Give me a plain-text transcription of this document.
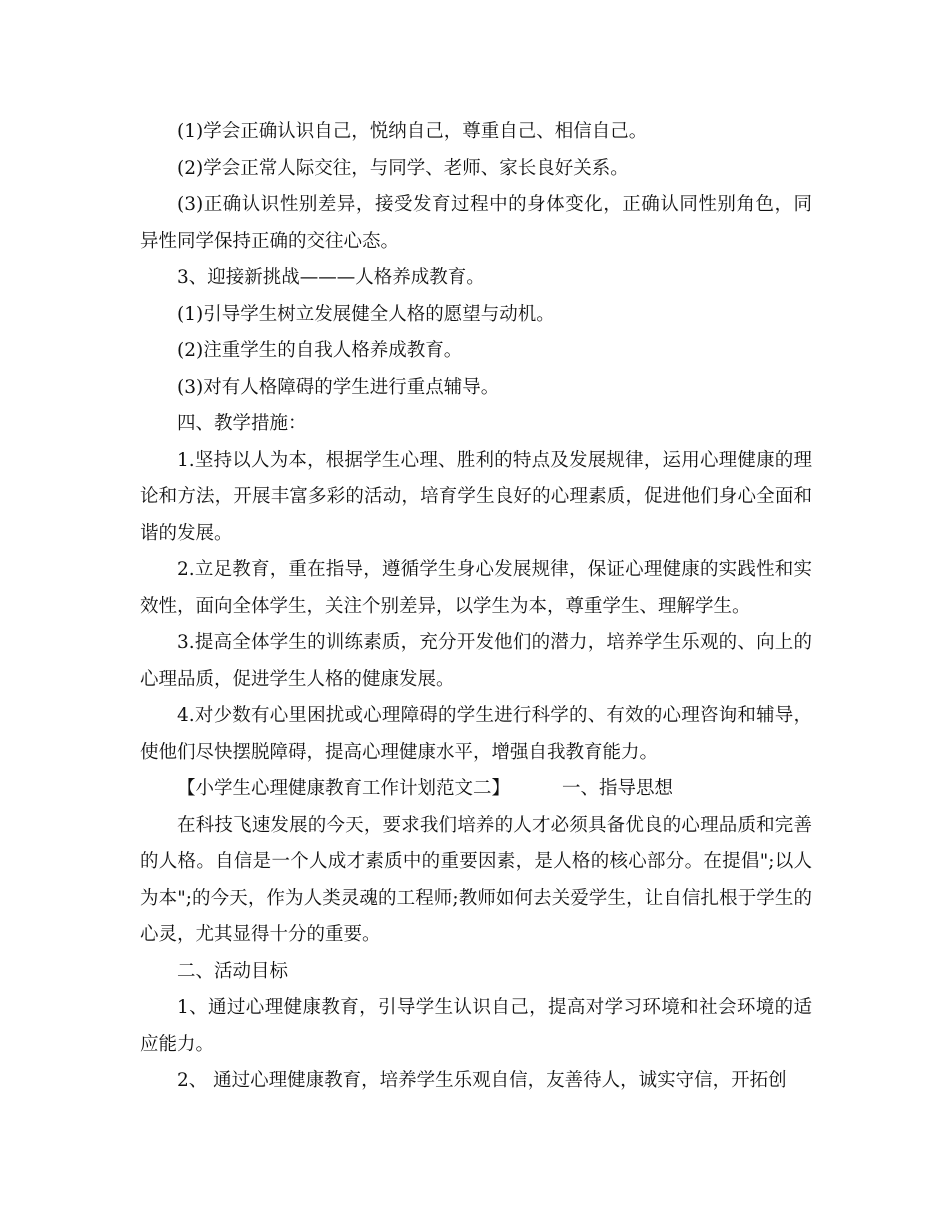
(1)学会正确认识自己，悦纳自己，尊重自己、相信自己。

(2)学会正常人际交往，与同学、老师、家长良好关系。

(3)正确认识性别差异，接受发育过程中的身体变化，正确认同性别角色，同异性同学保持正确的交往心态。

3、迎接新挑战———人格养成教育。

(1)引导学生树立发展健全人格的愿望与动机。

(2)注重学生的自我人格养成教育。

(3)对有人格障碍的学生进行重点辅导。

四、教学措施：

1.坚持以人为本，根据学生心理、胜利的特点及发展规律，运用心理健康的理论和方法，开展丰富多彩的活动，培育学生良好的心理素质，促进他们身心全面和谐的发展。

2.立足教育，重在指导，遵循学生身心发展规律，保证心理健康的实践性和实效性，面向全体学生，关注个别差异，以学生为本，尊重学生、理解学生。

3.提高全体学生的训练素质，充分开发他们的潜力，培养学生乐观的、向上的心理品质，促进学生人格的健康发展。

4.对少数有心里困扰或心理障碍的学生进行科学的、有效的心理咨询和辅导，使他们尽快摆脱障碍，提高心理健康水平，增强自我教育能力。

【小学生心理健康教育工作计划范文二】	一、指导思想

在科技飞速发展的今天，要求我们培养的人才必须具备优良的心理品质和完善的人格。自信是一个人成才素质中的重要因素，是人格的核心部分。在提倡";以人为本";的今天，作为人类灵魂的工程师;教师如何去关爱学生，让自信扎根于学生的心灵，尤其显得十分的重要。

二、活动目标

1、通过心理健康教育，引导学生认识自己，提高对学习环境和社会环境的适应能力。

2、 通过心理健康教育，培养学生乐观自信，友善待人，诚实守信，开拓创
